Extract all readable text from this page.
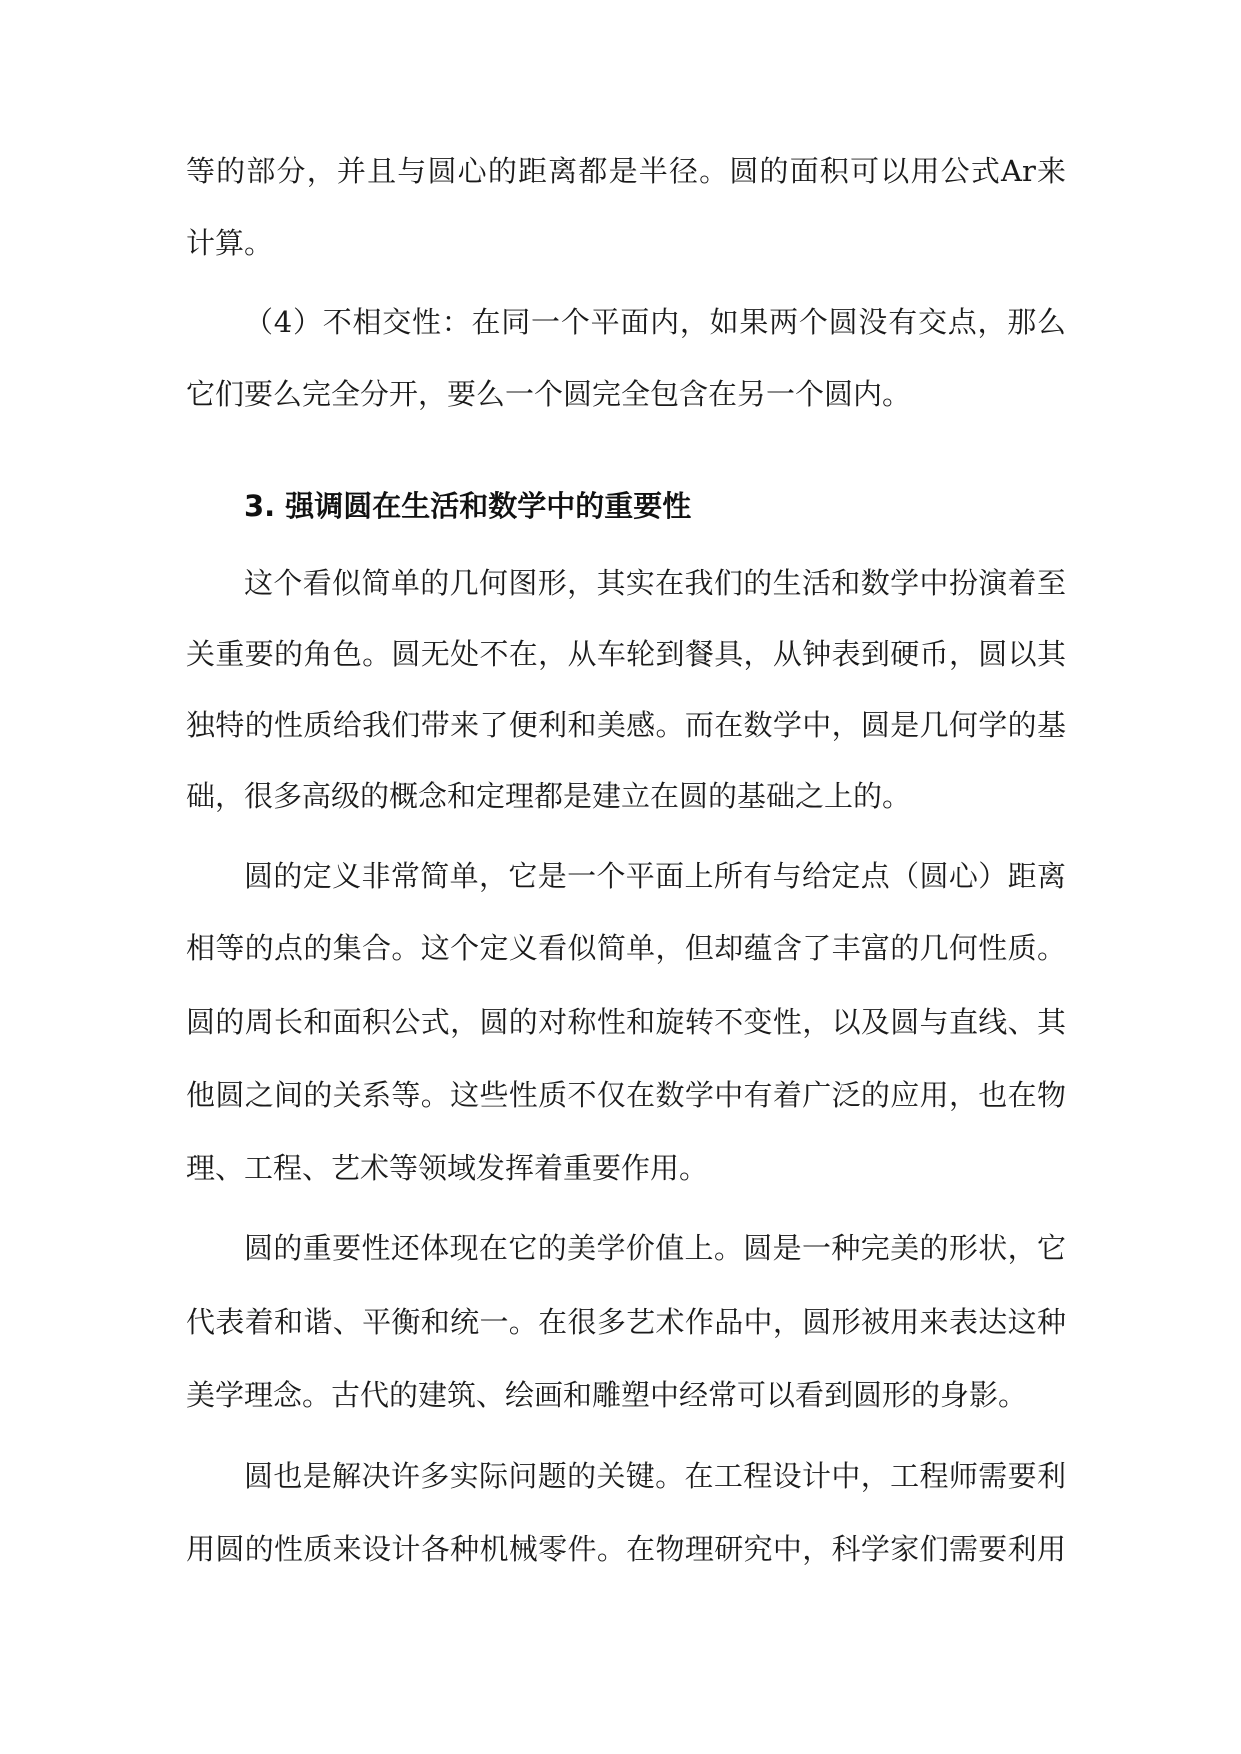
等的部分，并且与圆心的距离都是半径。圆的面积可以用公式Ar来
计算。
（4）不相交性：在同一个平面内，如果两个圆没有交点，那么
它们要么完全分开，要么一个圆完全包含在另一个圆内。
3. 强调圆在生活和数学中的重要性
这个看似简单的几何图形，其实在我们的生活和数学中扮演着至
关重要的角色。圆无处不在，从车轮到餐具，从钟表到硬币，圆以其
独特的性质给我们带来了便利和美感。而在数学中，圆是几何学的基
础，很多高级的概念和定理都是建立在圆的基础之上的。
圆的定义非常简单，它是一个平面上所有与给定点（圆心）距离
相等的点的集合。这个定义看似简单，但却蕴含了丰富的几何性质。
圆的周长和面积公式，圆的对称性和旋转不变性，以及圆与直线、其
他圆之间的关系等。这些性质不仅在数学中有着广泛的应用，也在物
理、工程、艺术等领域发挥着重要作用。
圆的重要性还体现在它的美学价值上。圆是一种完美的形状，它
代表着和谐、平衡和统一。在很多艺术作品中，圆形被用来表达这种
美学理念。古代的建筑、绘画和雕塑中经常可以看到圆形的身影。
圆也是解决许多实际问题的关键。在工程设计中，工程师需要利
用圆的性质来设计各种机械零件。在物理研究中，科学家们需要利用
